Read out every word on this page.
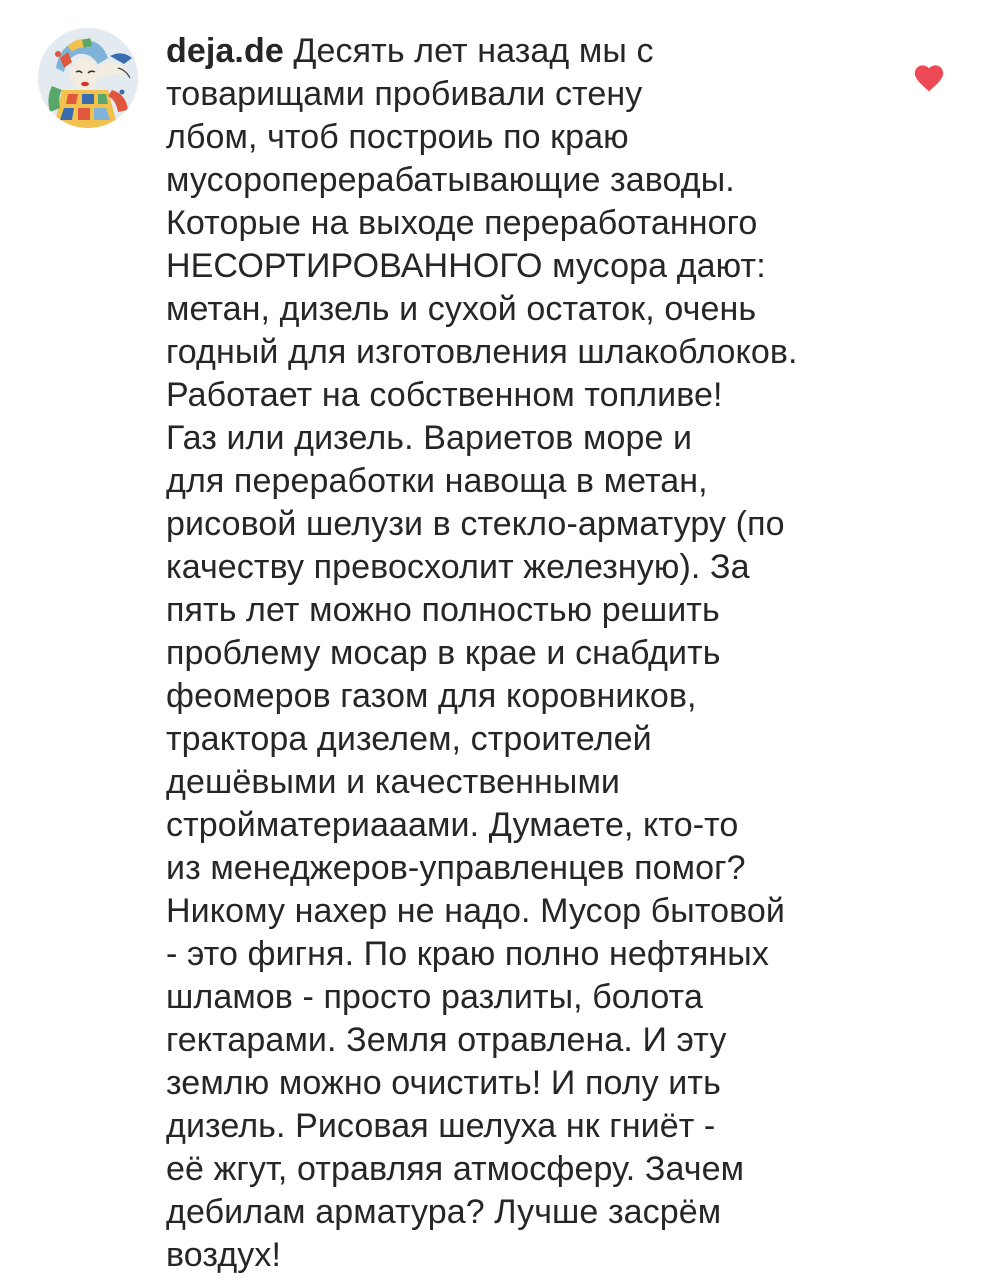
deja.de Десять лет назад мы с
товарищами пробивали стену
лбом, чтоб построиь по краю
мусороперерабатывающие заводы.
Которые на выходе переработанного
НЕСОРТИРОВАННОГО мусора дают:
метан, дизель и сухой остаток, очень
годный для изготовления шлакоблоков.
Работает на собственном топливе!
Газ или дизель. Вариетов море и
для переработки навоща в метан,
рисовой шелузи в стекло-арматуру (по
качеству превосхолит железную). За
пять лет можно полностью решить
проблему мосар в крае и снабдить
феомеров газом для коровников,
трактора дизелем, строителей
дешёвыми и качественными
стройматериааами. Думаете, кто-то
из менеджеров-управленцев помог?
Никому нахер не надо. Мусор бытовой
- это фигня. По краю полно нефтяных
шламов - просто разлиты, болота
гектарами. Земля отравлена. И эту
землю можно очистить! И полу ить
дизель. Рисовая шелуха нк гниёт -
её жгут, отравляя атмосферу. Зачем
дебилам арматура? Лучше засрём
воздух!
